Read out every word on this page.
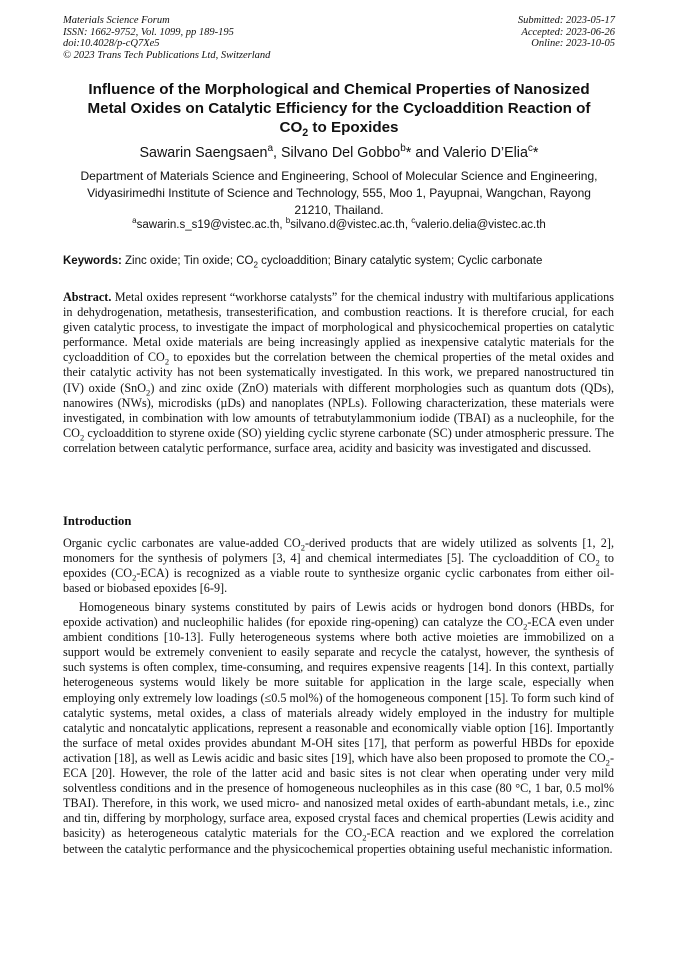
Materials Science Forum
ISSN: 1662-9752, Vol. 1099, pp 189-195
doi:10.4028/p-cQ7Xe5
© 2023 Trans Tech Publications Ltd, Switzerland
Submitted: 2023-05-17
Accepted: 2023-06-26
Online: 2023-10-05
Influence of the Morphological and Chemical Properties of Nanosized
Metal Oxides on Catalytic Efficiency for the Cycloaddition Reaction of
$CO_2$ to Epoxides
Sawarin Saengsaen$^a$, Silvano Del Gobbo$^b$* and Valerio D’Elia$^c$*
Department of Materials Science and Engineering, School of Molecular Science and Engineering,
Vidyasirimedhi Institute of Science and Technology, 555, Moo 1, Payupnai, Wangchan, Rayong
21210, Thailand.
$^a$sawarin.s_s19@vistec.ac.th, $^b$silvano.d@vistec.ac.th, $^c$valerio.delia@vistec.ac.th
Keywords: Zinc oxide; Tin oxide; $CO_2$ cycloaddition; Binary catalytic system; Cyclic carbonate
Abstract. Metal oxides represent “workhorse catalysts” for the chemical industry with multifarious applications in dehydrogenation, metathesis, transesterification, and combustion reactions. It is therefore crucial, for each given catalytic process, to investigate the impact of morphological and physicochemical properties on catalytic performance. Metal oxide materials are being increasingly applied as inexpensive catalytic materials for the cycloaddition of $CO_2$ to epoxides but the correlation between the chemical properties of the metal oxides and their catalytic activity has not been systematically investigated. In this work, we prepared nanostructured tin (IV) oxide (SnO$_2$) and zinc oxide (ZnO) materials with different morphologies such as quantum dots (QDs), nanowires (NWs), microdisks (µDs) and nanoplates (NPLs). Following characterization, these materials were investigated, in combination with low amounts of tetrabutylammonium iodide (TBAI) as a nucleophile, for the $CO_2$ cycloaddition to styrene oxide (SO) yielding cyclic styrene carbonate (SC) under atmospheric pressure. The correlation between catalytic performance, surface area, acidity and basicity was investigated and discussed.
Introduction
Organic cyclic carbonates are value-added $CO_2$-derived products that are widely utilized as solvents [1, 2], monomers for the synthesis of polymers [3, 4] and chemical intermediates [5]. The cycloaddition of $CO_2$ to epoxides $(CO_2-ECA)$ is recognized as a viable route to synthesize organic cyclic carbonates from either oil-based or biobased epoxides [6-9].
Homogeneous binary systems constituted by pairs of Lewis acids or hydrogen bond donors (HBDs, for epoxide activation) and nucleophilic halides (for epoxide ring-opening) can catalyze the $CO_2$-ECA even under ambient conditions [10-13]. Fully heterogeneous systems where both active moieties are immobilized on a support would be extremely convenient to easily separate and recycle the catalyst, however, the synthesis of such systems is often complex, time-consuming, and requires expensive reagents [14]. In this context, partially heterogeneous systems would likely be more suitable for application in the large scale, especially when employing only extremely low loadings (≤0.5 mol%) of the homogeneous component [15]. To form such kind of catalytic systems, metal oxides, a class of materials already widely employed in the industry for multiple catalytic and noncatalytic applications, represent a reasonable and economically viable option [16]. Importantly the surface of metal oxides provides abundant M-OH sites [17], that perform as powerful HBDs for epoxide activation [18], as well as Lewis acidic and basic sites [19], which have also been proposed to promote the $CO_2$-ECA [20]. However, the role of the latter acid and basic sites is not clear when operating under very mild solventless conditions and in the presence of homogeneous nucleophiles as in this case (80 °C, 1 bar, 0.5 mol% TBAI). Therefore, in this work, we used micro- and nanosized metal oxides of earth-abundant metals, i.e., zinc and tin, differing by morphology, surface area, exposed crystal faces and chemical properties (Lewis acidity and basicity) as heterogeneous catalytic materials for the $CO_2$-ECA reaction and we explored the correlation between the catalytic performance and the physicochemical properties obtaining useful mechanistic information.
